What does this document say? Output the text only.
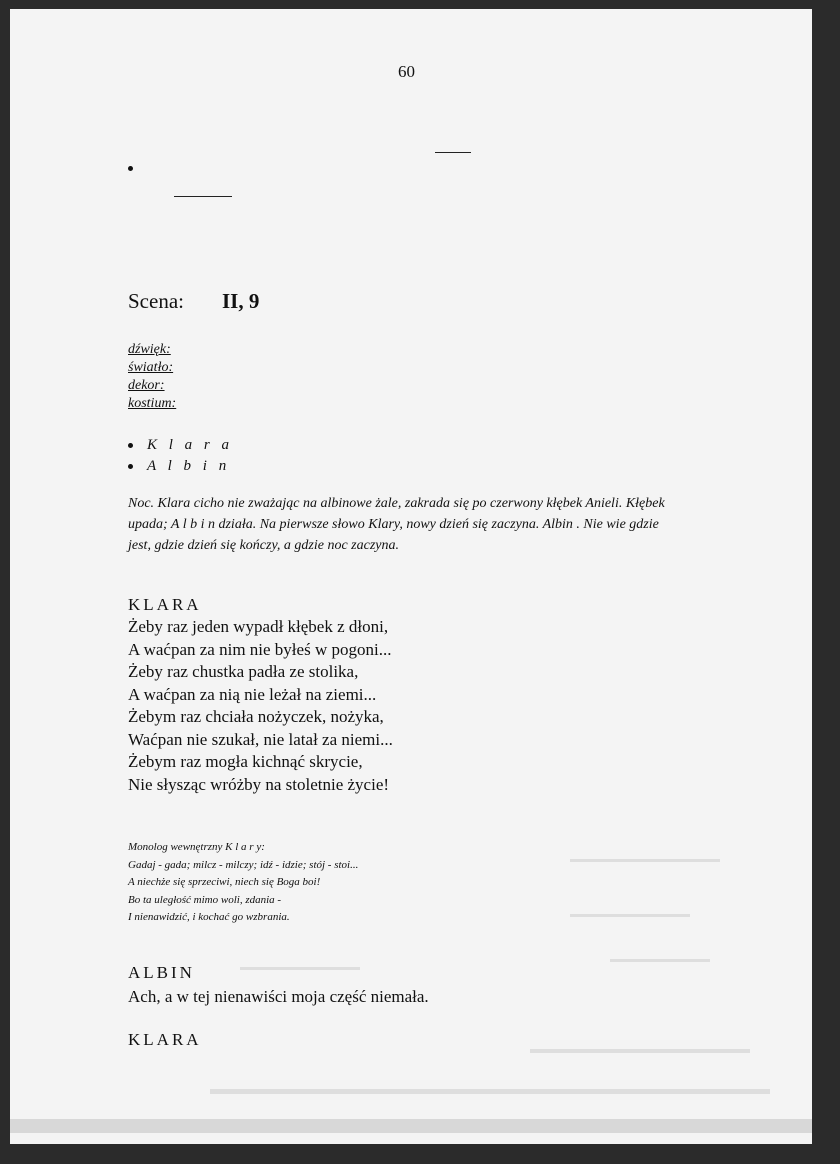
60
Scena: II, 9
dźwięk:
światło:
dekor:
kostium:
K l a r a
A l b i n
Noc. Klara cicho nie zważając na albinowe żale, zakrada się po czerwony kłębek Anieli. Kłębek upada; A l b i n działa. Na pierwsze słowo Klary, nowy dzień się zaczyna. Albin . Nie wie gdzie jest, gdzie dzień się kończy, a gdzie noc zaczyna.
KLARA
Żeby raz jeden wypadł kłębek z dłoni,
A waćpan za nim nie byłeś w pogoni...
Żeby raz chustka padła ze stolika,
A waćpan za nią nie leżał na ziemi...
Żebym raz chciała nożyczek, nożyka,
Waćpan nie szukał, nie latał za niemi...
Żebym raz mogła kichnąć skrycie,
Nie słysząc wróżby na stoletnie życie!
Monolog wewnętrzny K l a r y:
Gadaj - gada; milcz - milczy; idź - idzie; stój - stoi...
A niechże się sprzeciwi, niech się Boga boi!
Bo ta uległość mimo woli, zdania -
I nienawidzić, i kochać go wzbrania.
ALBIN
Ach, a w tej nienawiści moja część niemała.
KLARA
